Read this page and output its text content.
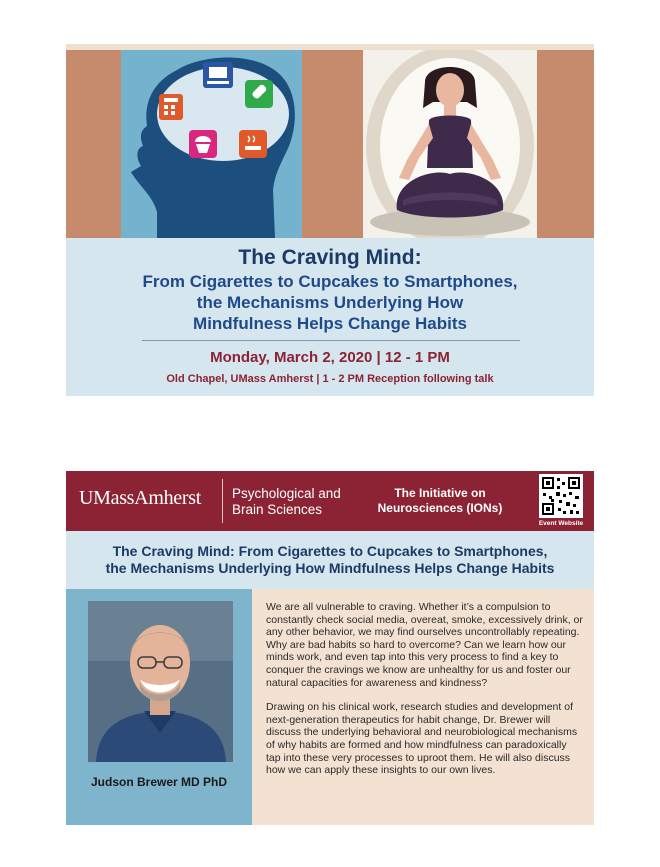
The Craving Mind:
From Cigarettes to Cupcakes to Smartphones,
the Mechanisms Underlying How
Mindfulness Helps Change Habits
Monday, March 2, 2020 | 12 - 1 PM
Old Chapel, UMass Amherst | 1 - 2 PM Reception following talk
UMassAmherst Psychological and
Brain Sciences
The Initiative on
Neurosciences (IONs)
Event Website
The Craving Mind: From Cigarettes to Cupcakes to Smartphones,
the Mechanisms Underlying How Mindfulness Helps Change Habits
Judson Brewer MD PhD

We are all vulnerable to craving. Whether it’s a compulsion to constantly check social media, overeat, smoke, excessively drink, or any other behavior, we may find ourselves uncontrollably repeating. Why are bad habits so hard to overcome? Can we learn how our minds work, and even tap into this very process to find a key to conquer the cravings we know are unhealthy for us and foster our natural capacities for awareness and kindness?

Drawing on his clinical work, research studies and development of next-generation therapeutics for habit change, Dr. Brewer will discuss the underlying behavioral and neurobiological mechanisms of why habits are formed and how mindfulness can paradoxically tap into these very processes to uproot them. He will also discuss how we can apply these insights to our own lives.
